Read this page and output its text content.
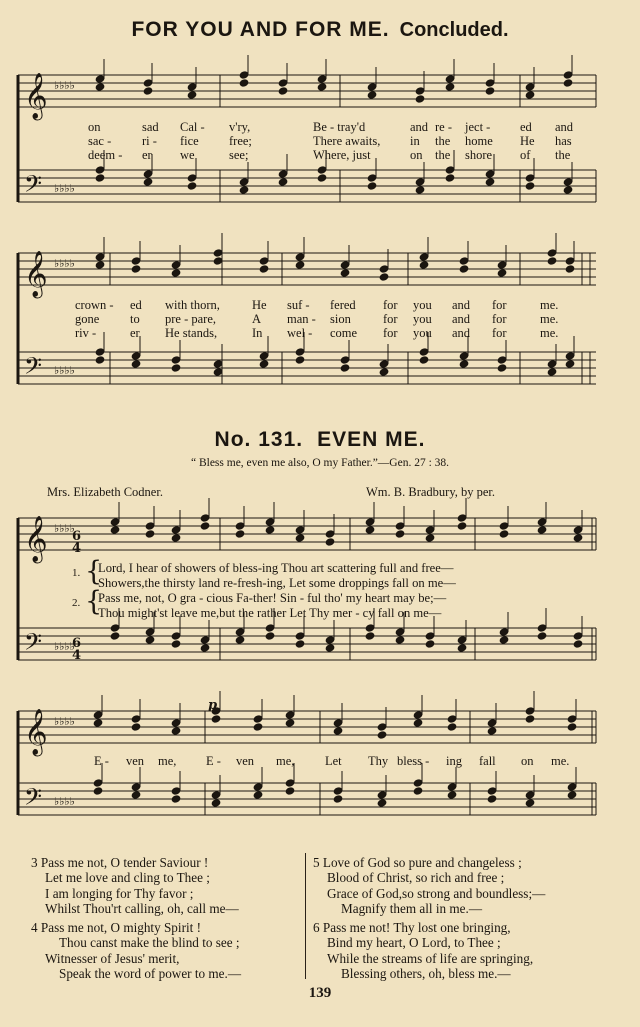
FOR YOU AND FOR ME. Concluded.
𝄞
𝄢
♭♭♭♭
♭♭♭♭
𝄞
𝄢
♭♭♭♭
♭♭♭♭
𝄞
𝄢
♭♭♭♭
♭♭♭♭
𝄞
𝄢
♭♭♭♭
♭♭♭♭
6
4
6
4
p
on	sad Cal - v'ry,	Be - tray'd	and re - ject - ed and
sac - ri - fice free;	There awaits, in the home He has
deem - er we	see;	Where, just	on the shore of the
crown - ed with thorn,	He suf - fered for you and for	me.
gone to pre - pare,	A man - sion	for you and for	me.
riv -	er He stands,	In wel - come for you and for	me.
No. 131. EVEN ME.
“ Bless me, even me also, O my Father.”—Gen. 27 : 38.
Mrs. Elizabeth Codner.	Wm. B. Bradbury, by per.
1.
2.
{
{
Lord, I hear of showers of bless-ing Thou art scattering full and free—
Showers,the thirsty land re-fresh-ing, Let some droppings fall on me—
Pass me, not, O gra - cious Fa-ther! Sin - ful tho' my heart may be;—
Thou might'st leave me,but the rather Let Thy mer - cy fall on me—
E - ven me, E - ven me, Let Thy bless - ing fall on me.
3 Pass me not, O tender Saviour !
Let me love and cling to Thee ;
I am longing for Thy favor ;
Whilst Thou'rt calling, oh, call me—
4 Pass me not, O mighty Spirit !
Thou canst make the blind to see ;
Witnesser of Jesus' merit,
Speak the word of power to me.—
5 Love of God so pure and changeless ;
Blood of Christ, so rich and free ;
Grace of God,so strong and boundless;—
Magnify them all in me.—
6 Pass me not! Thy lost one bringing,
Bind my heart, O Lord, to Thee ;
While the streams of life are springing,
Blessing others, oh, bless me.—
139
